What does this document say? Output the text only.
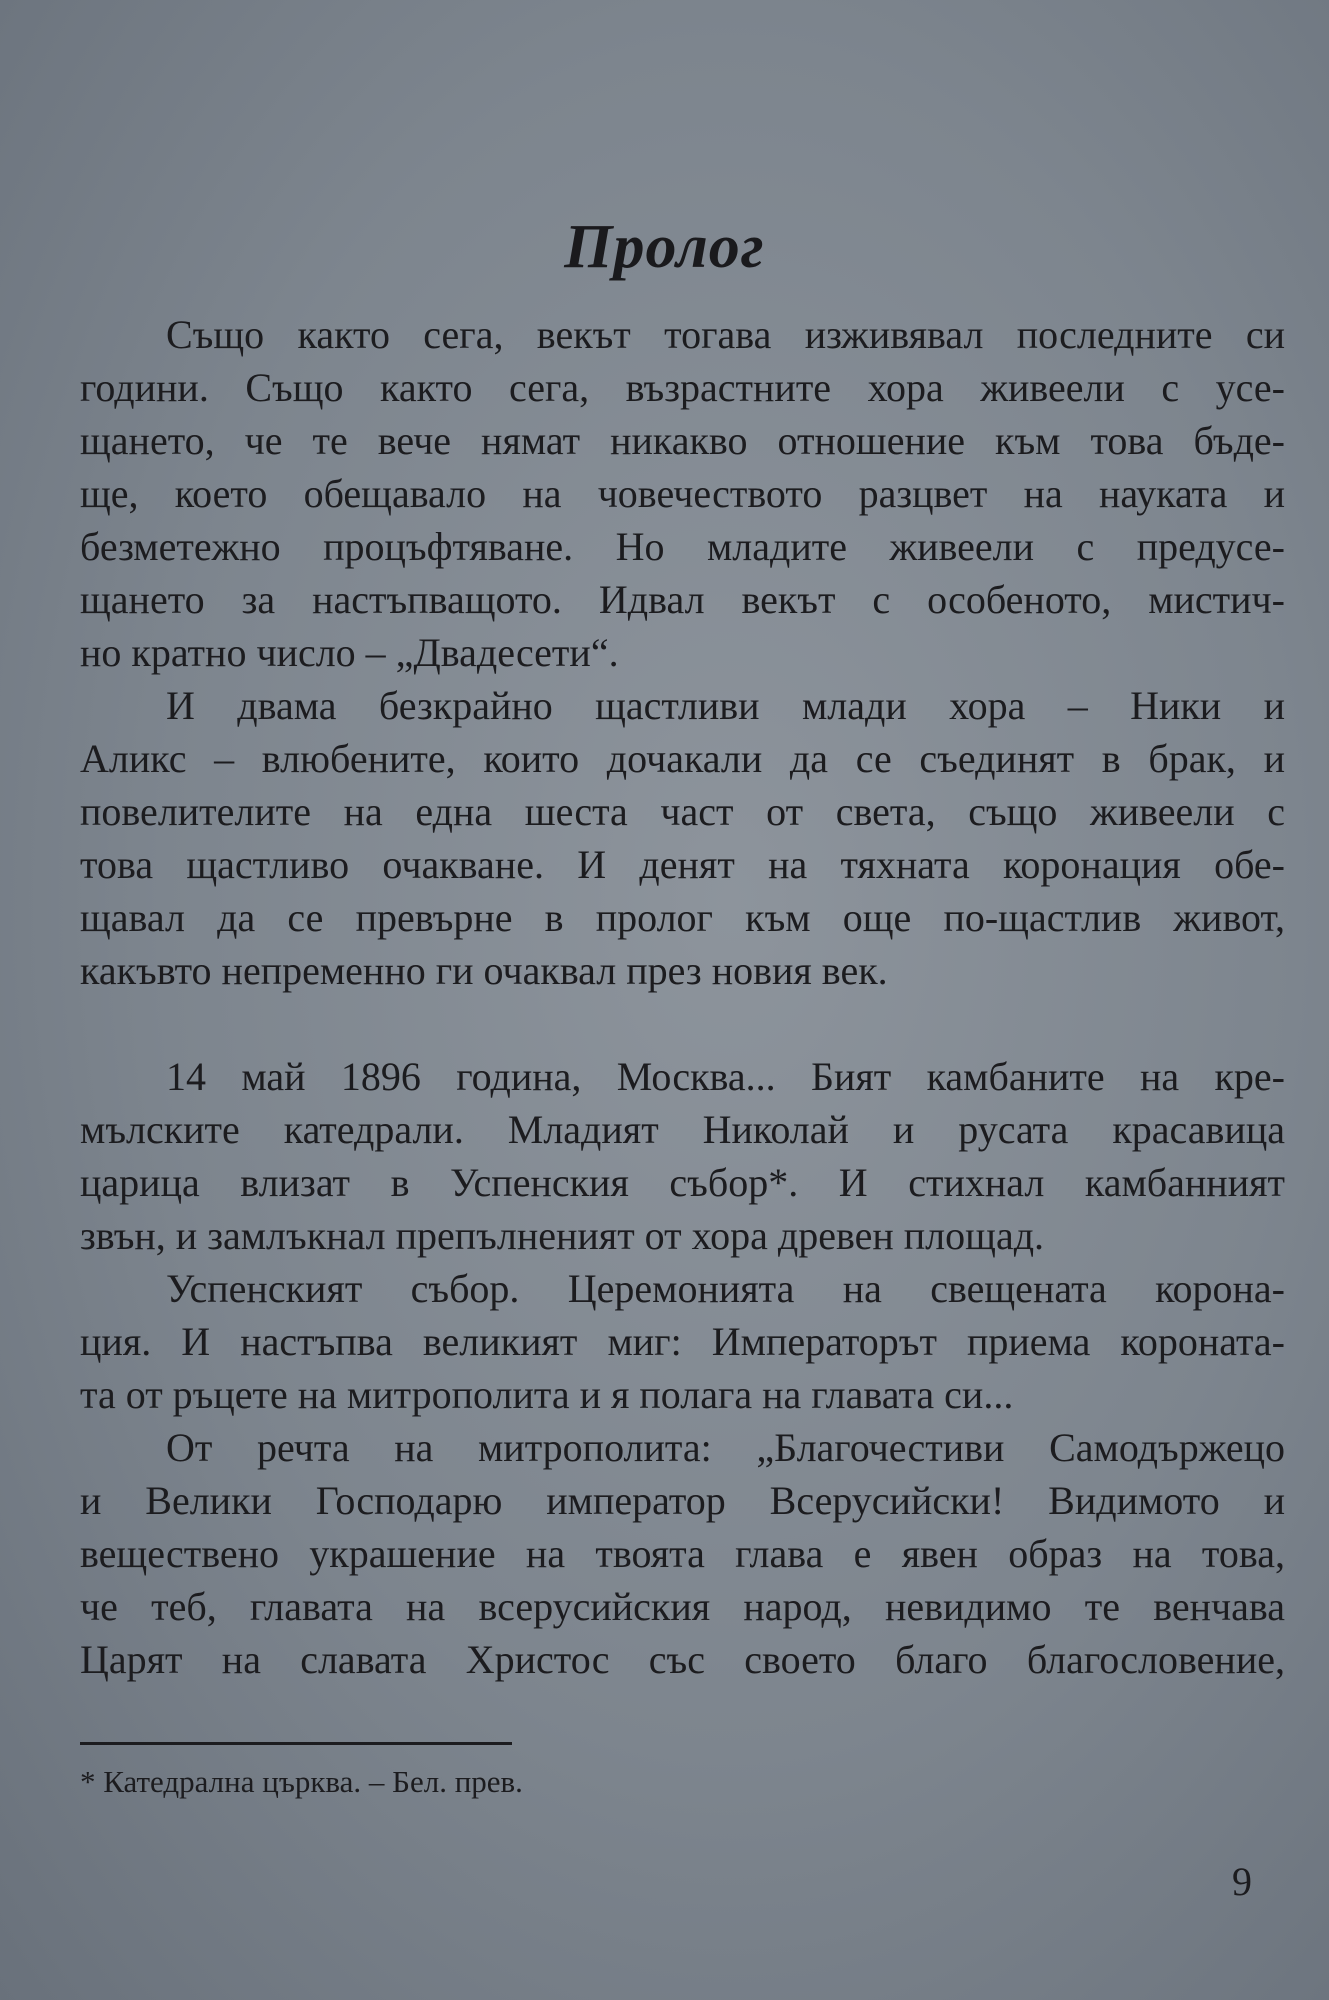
Пролог
Също както сега, векът тогава изживявал последните си
години. Също както сега, възрастните хора живеели с усе-
щането, че те вече нямат никакво отношение към това бъде-
ще, което обещавало на човечеството разцвет на науката и
безметежно процъфтяване. Но младите живеели с предусе-
щането за настъпващото. Идвал векът с особеното, мистич-
но кратно число – „Двадесети“.
И двама безкрайно щастливи млади хора – Ники и
Аликс – влюбените, които дочакали да се съединят в брак, и
повелителите на една шеста част от света, също живеели с
това щастливо очакване. И денят на тяхната коронация обе-
щавал да се превърне в пролог към още по-щастлив живот,
какъвто непременно ги очаквал през новия век.
14 май 1896 година, Москва... Бият камбаните на кре-
мълските катедрали. Младият Николай и русата красавица
царица влизат в Успенския събор*. И стихнал камбанният
звън, и замлъкнал препълненият от хора древен площад.
Успенският събор. Церемонията на свещената корона-
ция. И настъпва великият миг: Императорът приема короната-
та от ръцете на митрополита и я полага на главата си...
От речта на митрополита: „Благочестиви Самодържецо
и Велики Господарю император Всерусийски! Видимото и
веществено украшение на твоята глава е явен образ на това,
че теб, главата на всерусийския народ, невидимо те венчава
Царят на славата Христос със своето благо благословение,
* Катедрална църква. – Бел. прев.
9
